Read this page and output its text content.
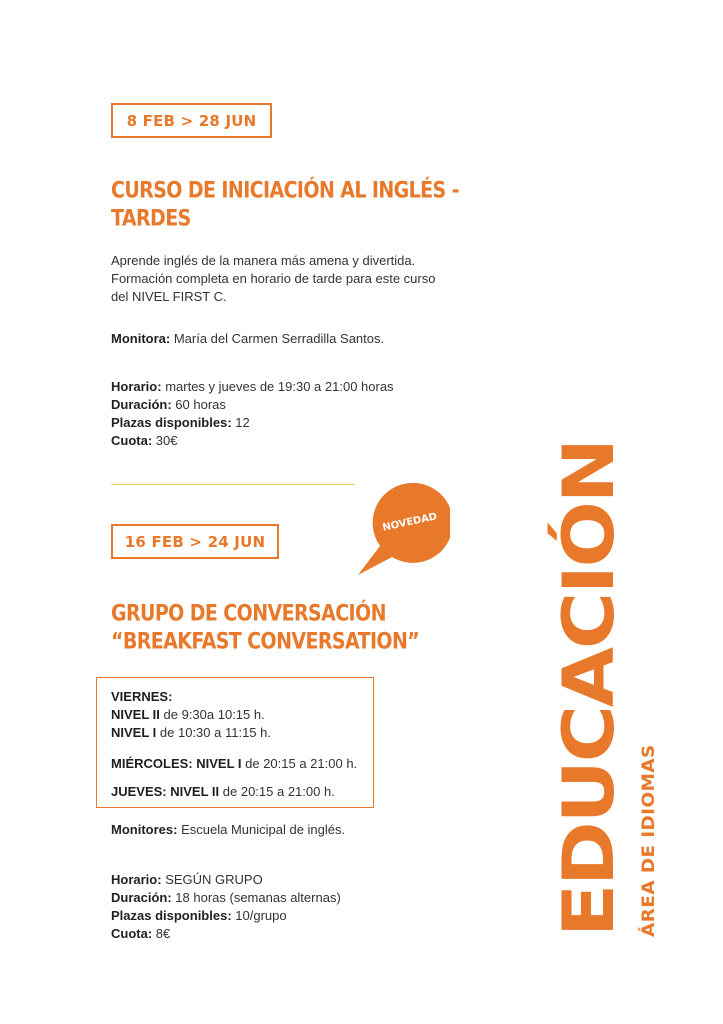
8 FEB > 28 JUN
CURSO DE INICIACIÓN AL INGLÉS -
TARDES
Aprende inglés de la manera más amena y divertida.
Formación completa en horario de tarde para este curso
del NIVEL FIRST C.
Monitora: María del Carmen Serradilla Santos.
Horario: martes y jueves de 19:30 a 21:00 horas
Duración: 60 horas
Plazas disponibles: 12
Cuota: 30€
NOVEDAD
16 FEB > 24 JUN
GRUPO DE CONVERSACIÓN
“BREAKFAST CONVERSATION”
VIERNES:
NIVEL II de 9:30a 10:15 h.
NIVEL I de 10:30 a 11:15 h.
MIÉRCOLES: NIVEL I de 20:15 a 21:00 h.
JUEVES: NIVEL II de 20:15 a 21:00 h.
Monitores: Escuela Municipal de inglés.
Horario: SEGÚN GRUPO
Duración: 18 horas (semanas alternas)
Plazas disponibles: 10/grupo
Cuota: 8€	EDUCACIÓN ÁREA DE IDIOMAS
